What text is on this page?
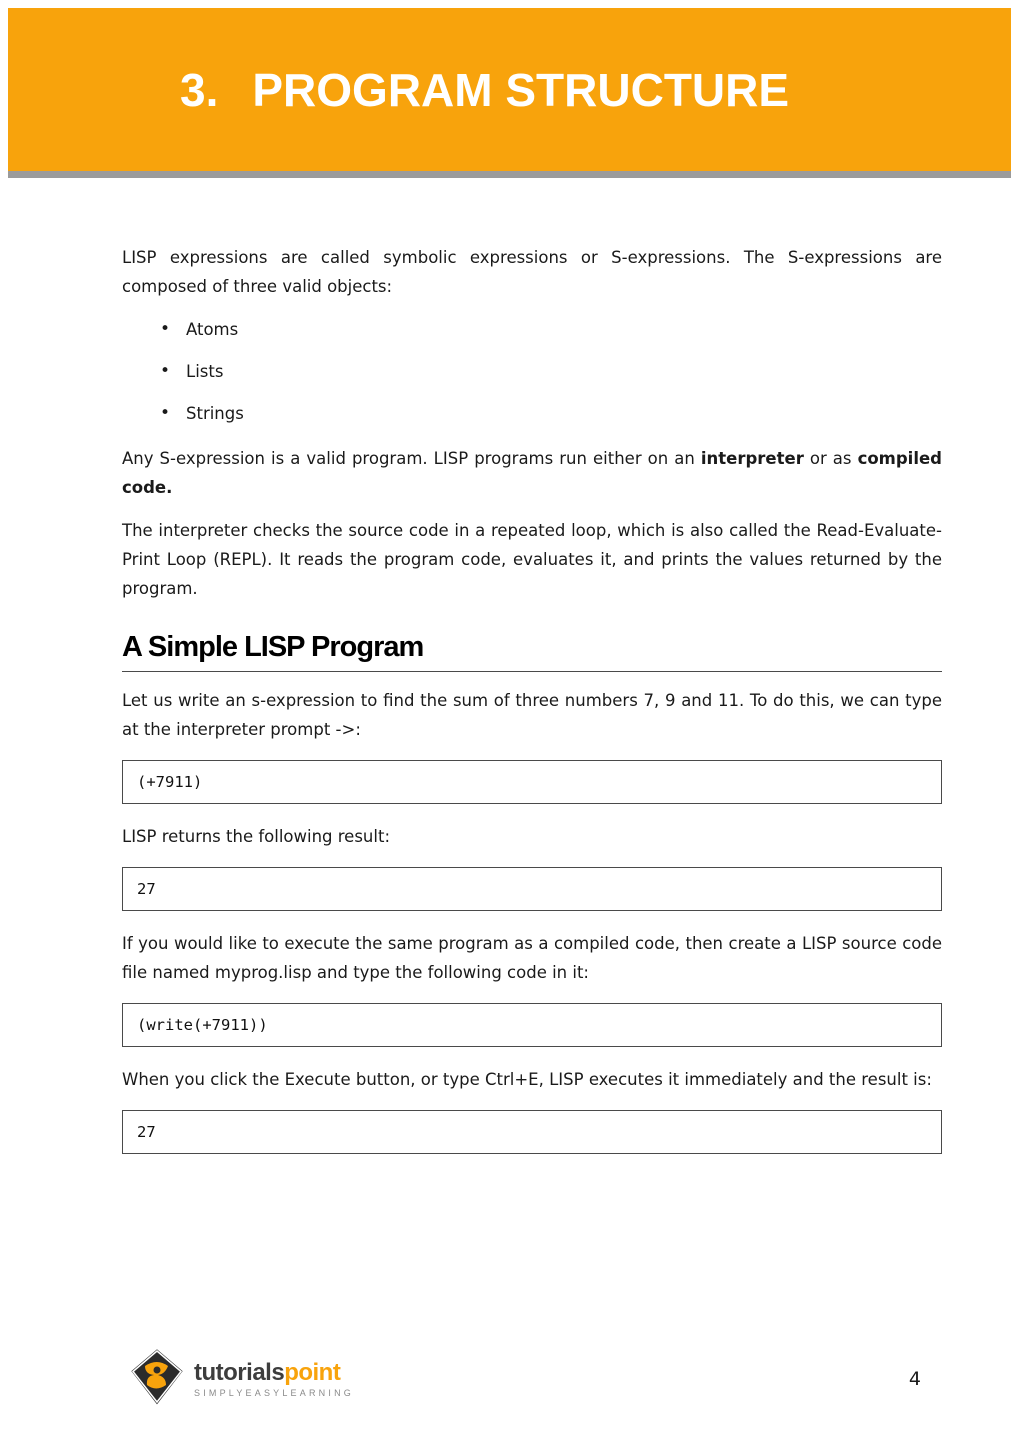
3. PROGRAM STRUCTURE

LISP expressions are called symbolic expressions or S-expressions. The S-expressions are composed of three valid objects:

• Atoms
• Lists
• Strings

Any S-expression is a valid program. LISP programs run either on an interpreter or as compiled code.

The interpreter checks the source code in a repeated loop, which is also called the Read-Evaluate-Print Loop (REPL). It reads the program code, evaluates it, and prints the values returned by the program.

A Simple LISP Program

Let us write an s-expression to find the sum of three numbers 7, 9 and 11. To do this, we can type at the interpreter prompt ->:

(+7911)

LISP returns the following result:

27

If you would like to execute the same program as a compiled code, then create a LISP source code file named myprog.lisp and type the following code in it:

(write(+7911))

When you click the Execute button, or type Ctrl+E, LISP executes it immediately and the result is:

27
tutorialspoint
SIMPLYEASYLEARNING
4
